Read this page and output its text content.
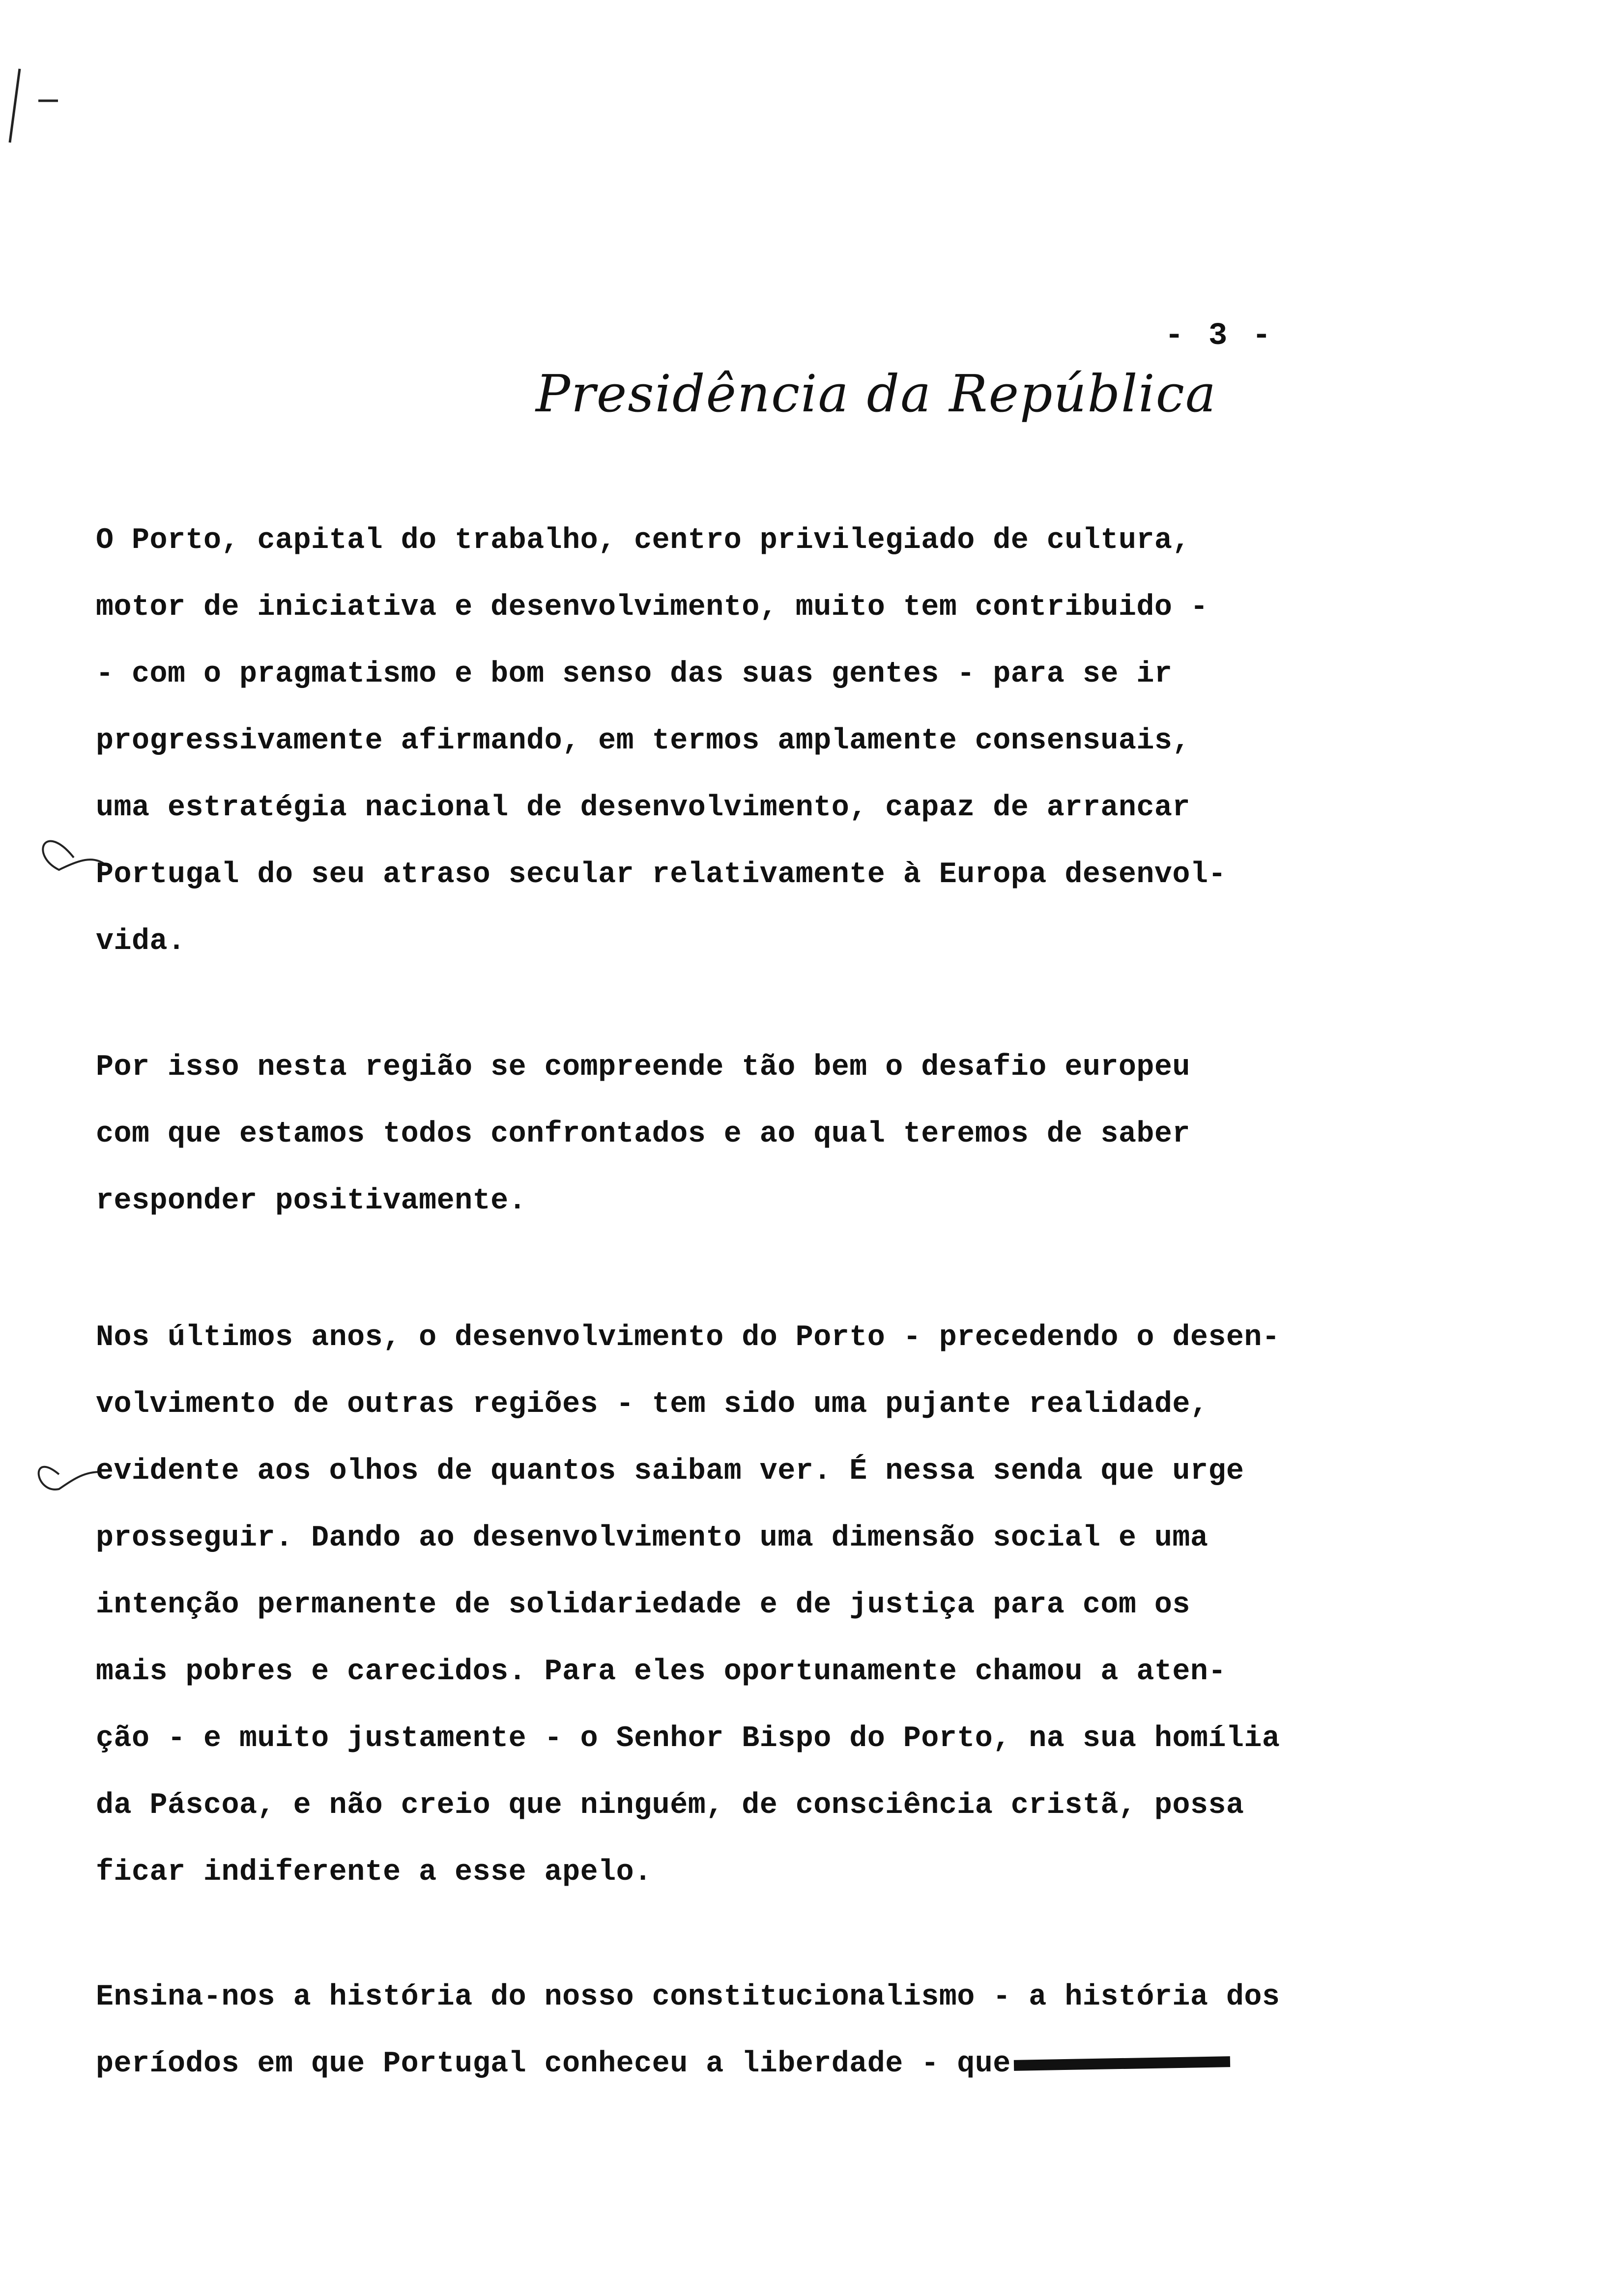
- 3 -
Presidência da República
O Porto, capital do trabalho, centro privilegiado de cultura,
motor de iniciativa e desenvolvimento, muito tem contribuido -
- com o pragmatismo e bom senso das suas gentes - para se ir
progressivamente afirmando, em termos amplamente consensuais,
uma estratégia nacional de desenvolvimento, capaz de arrancar
Portugal do seu atraso secular relativamente à Europa desenvol-
vida.
Por isso nesta região se compreende tão bem o desafio europeu
com que estamos todos confrontados e ao qual teremos de saber
responder positivamente.
Nos últimos anos, o desenvolvimento do Porto - precedendo o desen-
volvimento de outras regiões - tem sido uma pujante realidade,
evidente aos olhos de quantos saibam ver. É nessa senda que urge
prosseguir. Dando ao desenvolvimento uma dimensão social e uma
intenção permanente de solidariedade e de justiça para com os
mais pobres e carecidos. Para eles oportunamente chamou a aten-
ção - e muito justamente - o Senhor Bispo do Porto, na sua homília
da Páscoa, e não creio que ninguém, de consciência cristã, possa
ficar indiferente a esse apelo.
Ensina-nos a história do nosso constitucionalismo - a história dos
períodos em que Portugal conheceu a liberdade - que
